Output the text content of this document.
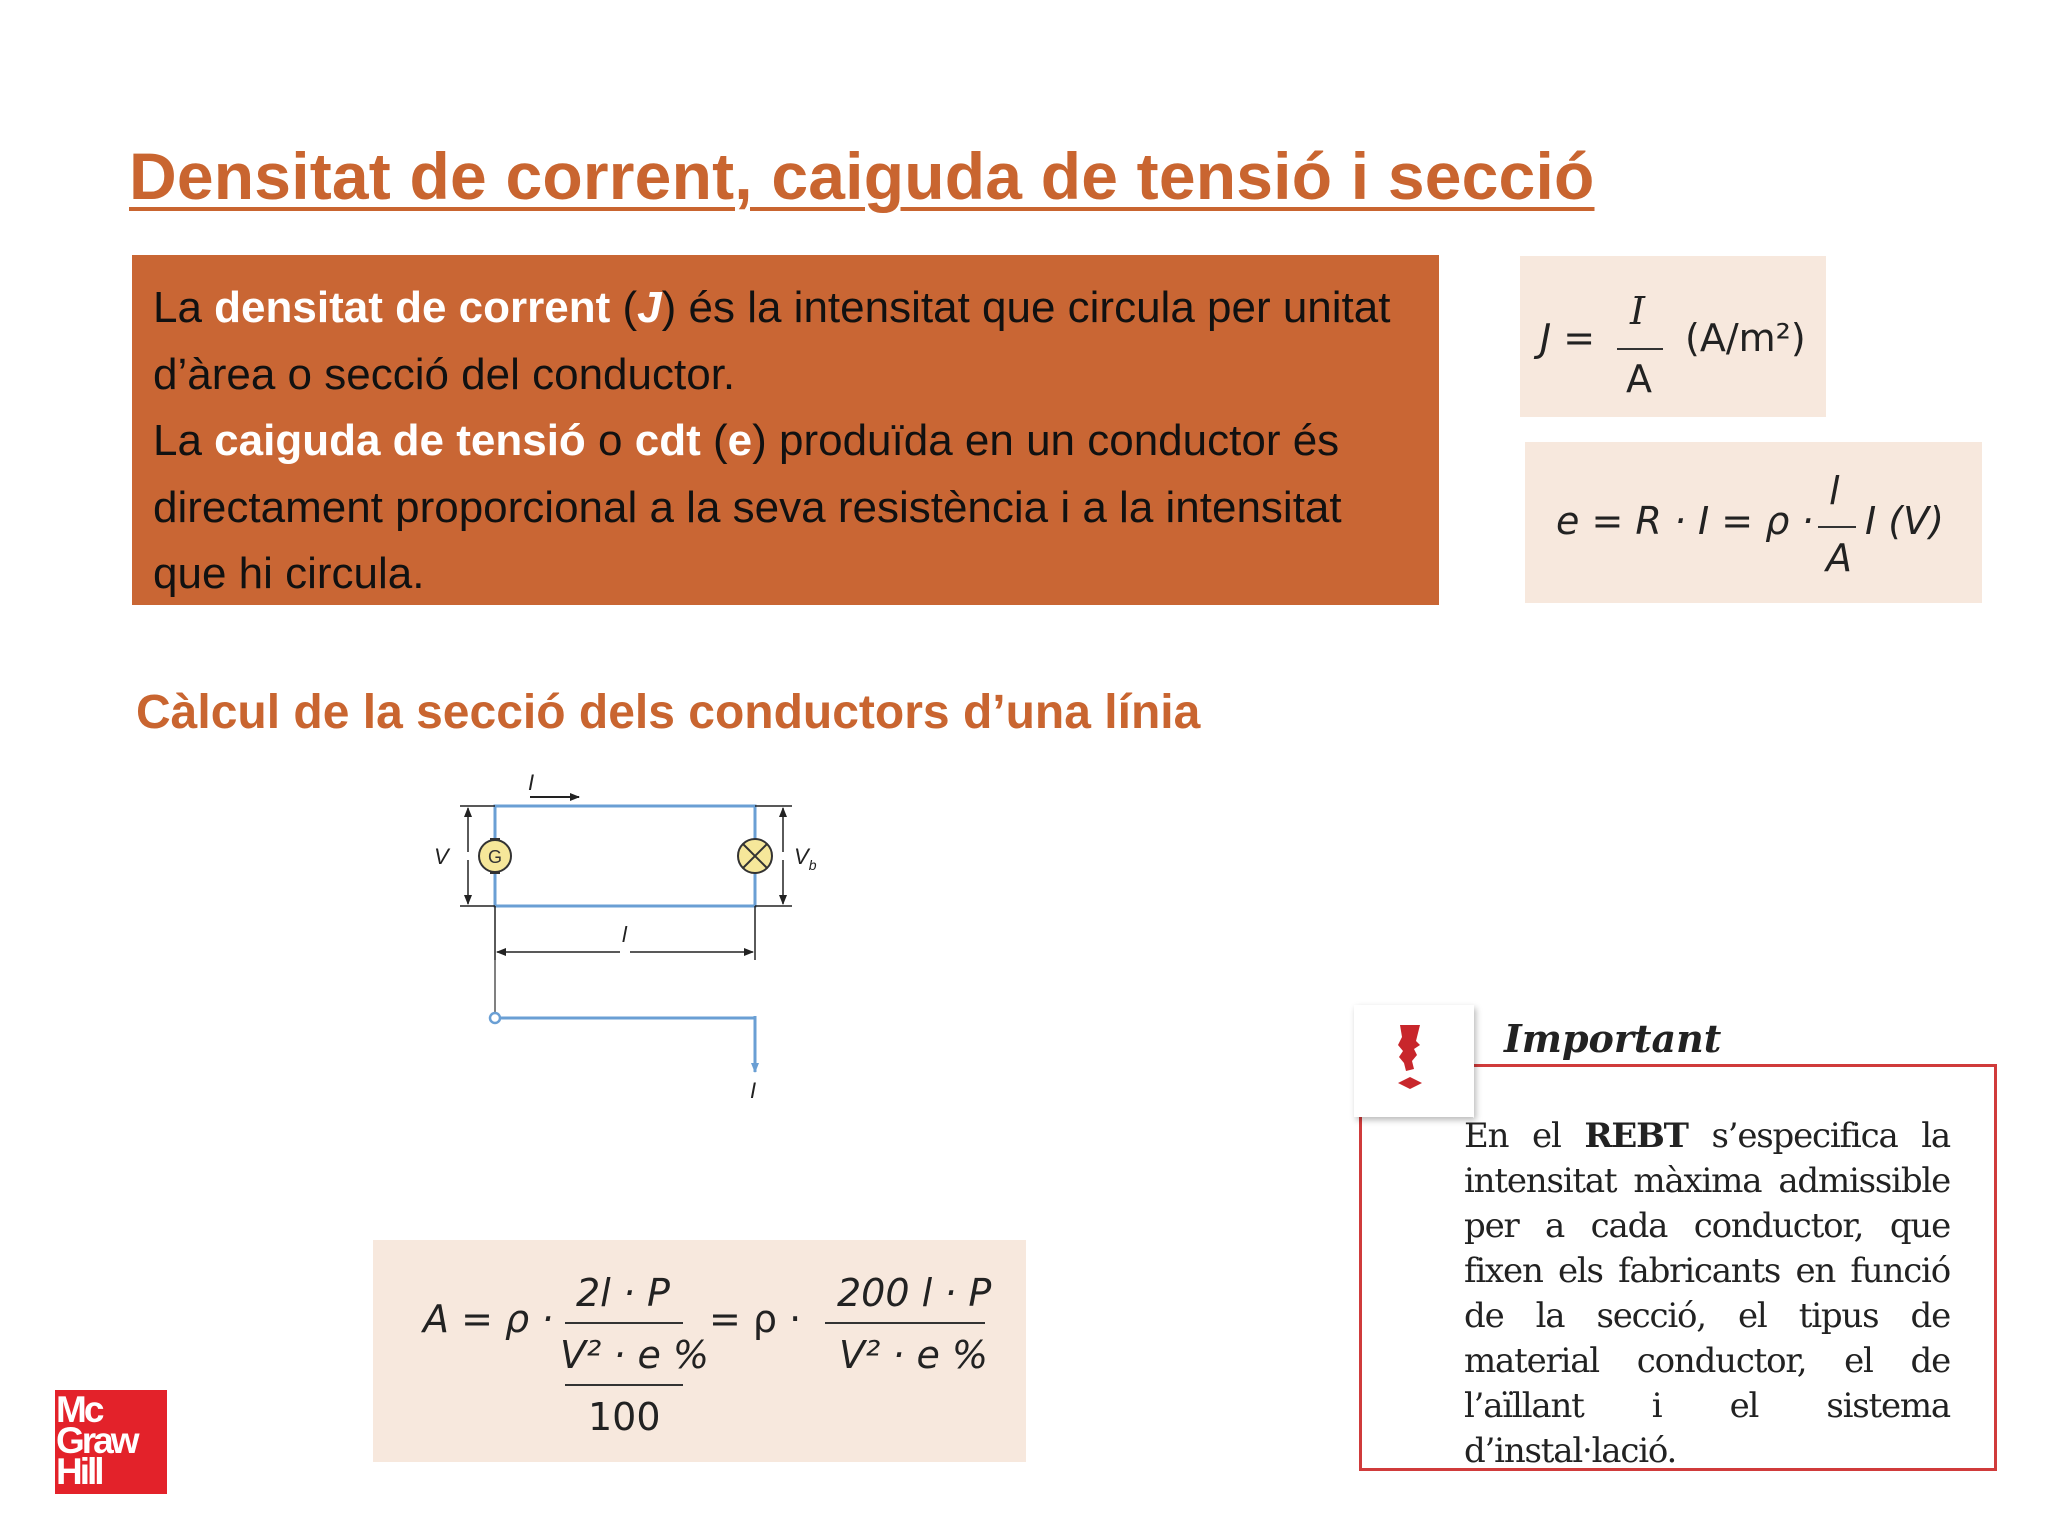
Densitat de corrent, caiguda de tensió i secció

La densitat de corrent (J) és la intensitat que circula per unitat d’àrea o secció del conductor.

La caiguda de tensió o cdt (e) produïda en un conductor és directament proporcional a la seva resistència i a la intensitat que hi circula.

J =
I
A
(A/m²)
e = R · I = ρ ·
l
A
I (V)
Càlcul de la secció dels conductors d’una línia
I
V G	$V_b$
l
I
A = ρ ·
2l · P
V² · e %
100
= ρ ·
200 l · P
V² · e %
Important
En el REBT s’especifica la intensitat màxima admissible per a cada conductor, que fixen els fabricants en funció de la secció, el tipus de material conductor, el de l’aïllant i el sistema d’instal·lació.
Mc
Graw
Hill
